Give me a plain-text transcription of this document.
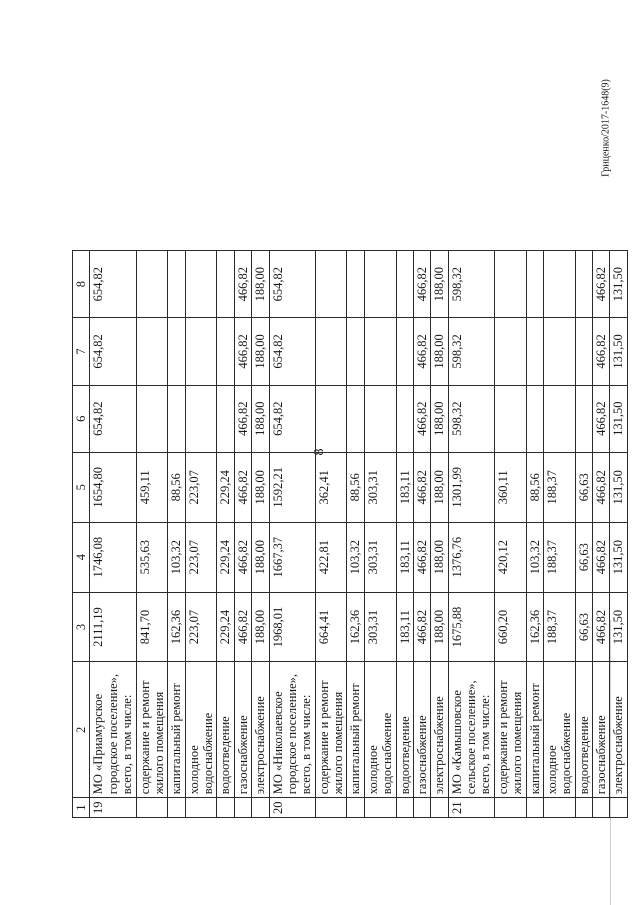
8
Гриценко/2017-1648(9)
1	2	3	4	5	6	7	8
19	МО «Приамурское городское поселение», всего, в том числе:	2111,19	1746,08	1654,80	654,82	654,82	654,82
	содержание и ремонт жилого помещения	841,70	535,63	459,11			
	капитальный ремонт	162,36	103,32	88,56			
	холодное водоснабжение	223,07	223,07	223,07			
	водоотведение	229,24	229,24	229,24			
	газоснабжение	466,82	466,82	466,82	466,82	466,82	466,82
	электроснабжение	188,00	188,00	188,00	188,00	188,00	188,00
20	МО «Николаевское городское поселение», всего, в том числе:	1968,01	1667,37	1592,21	654,82	654,82	654,82
	содержание и ремонт жилого помещения	664,41	422,81	362,41			
	капитальный ремонт	162,36	103,32	88,56			
	холодное водоснабжение	303,31	303,31	303,31			
	водоотведение	183,11	183,11	183,11			
	газоснабжение	466,82	466,82	466,82	466,82	466,82	466,82
	электроснабжение	188,00	188,00	188,00	188,00	188,00	188,00
21	МО «Камышовское сельское поселение», всего, в том числе:	1675,88	1376,76	1301,99	598,32	598,32	598,32
	содержание и ремонт жилого помещения	660,20	420,12	360,11			
	капитальный ремонт	162,36	103,32	88,56			
	холодное водоснабжение	188,37	188,37	188,37			
	водоотведение	66,63	66,63	66,63			
	газоснабжение	466,82	466,82	466,82	466,82	466,82	466,82
	электроснабжение	131,50	131,50	131,50	131,50	131,50	131,50
